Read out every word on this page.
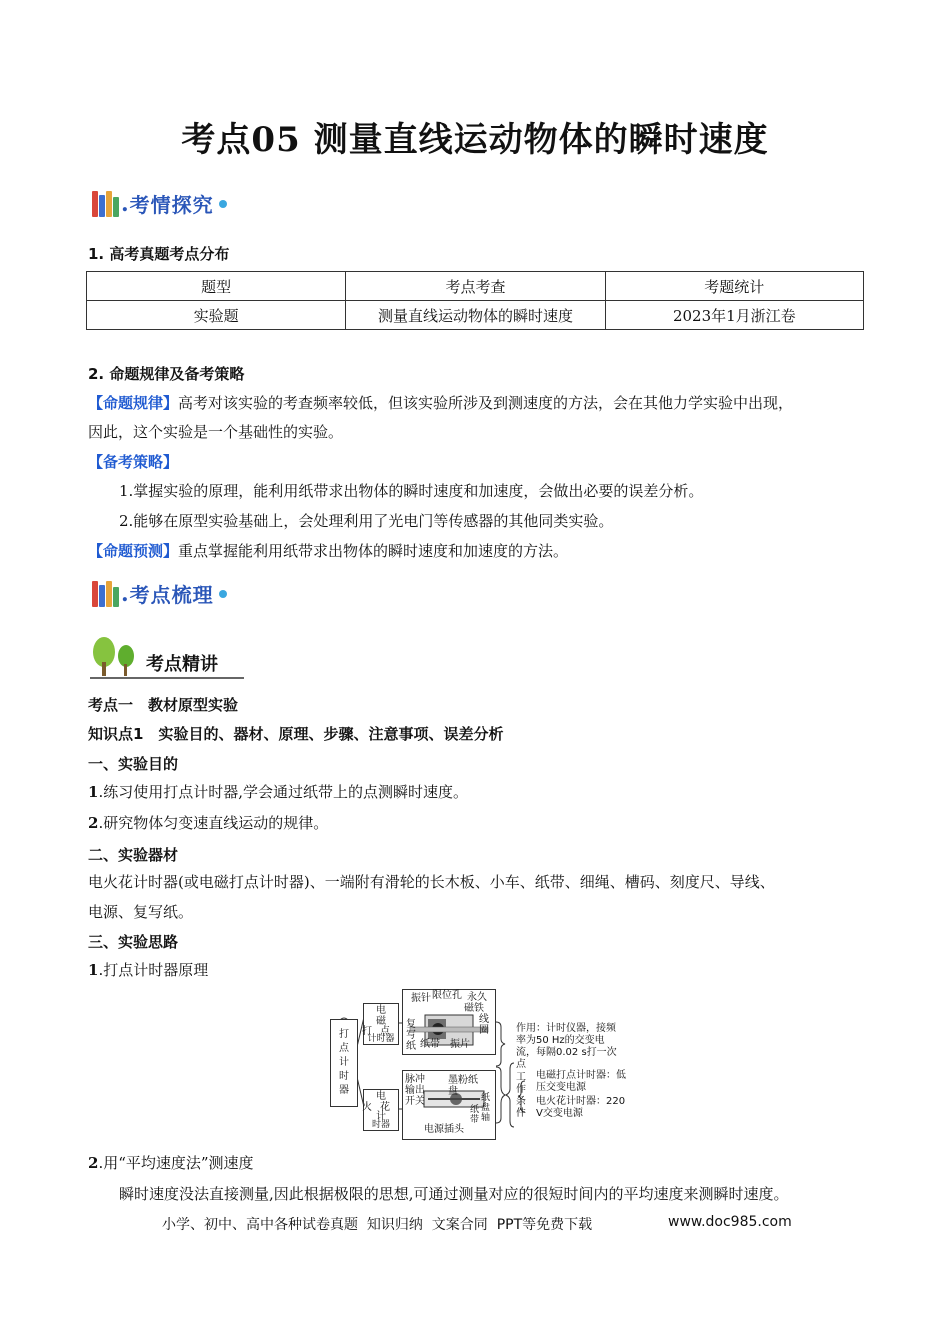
考点05 测量直线运动物体的瞬时速度
. 考情探究
1. 高考真题考点分布
题型	考点考查	考题统计
实验题	测量直线运动物体的瞬时速度	2023年1月浙江卷
2. 命题规律及备考策略
【命题规律】高考对该实验的考查频率较低，但该实验所涉及到测速度的方法，会在其他力学实验中出现，
因此，这个实验是一个基础性的实验。
【备考策略】
1.掌握实验的原理，能利用纸带求出物体的瞬时速度和加速度，会做出必要的误差分析。
2.能够在原型实验基础上，会处理利用了光电门等传感器的其他同类实验。
【命题预测】重点掌握能利用纸带求出物体的瞬时速度和加速度的方法。
. 考点梳理
考点精讲
考点一　教材原型实验
知识点1　实验目的、器材、原理、步骤、注意事项、误差分析
一、实验目的
1.练习使用打点计时器,学会通过纸带上的点测瞬时速度。
2.研究物体匀变速直线运动的规律。
二、实验器材
电火花计时器(或电磁打点计时器)、一端附有滑轮的长木板、小车、纸带、细绳、槽码、刻度尺、导线、
电源、复写纸。
三、实验思路
1.打点计时器原理
打
点
计
时
器
电
磁
打 点
计时器
电
火 花
计
时器
振针 限位孔 永久
磁铁
线圈
复写纸 纸带 振片
脉冲输出开关
墨粉纸盘
纸盘轴
纸带
电源插头
作用：计时仪器，接频率为50 Hz的交变电流，每隔0.02 s打一次点
工作条件
电磁打点计时器：低压交变电源
电火花计时器：220 V交变电源
2.用“平均速度法”测速度
瞬时速度没法直接测量,因此根据极限的思想,可通过测量对应的很短时间内的平均速度来测瞬时速度。
小学、初中、高中各种试卷真题  知识归纳  文案合同  PPT等免费下载	www.doc985.com
